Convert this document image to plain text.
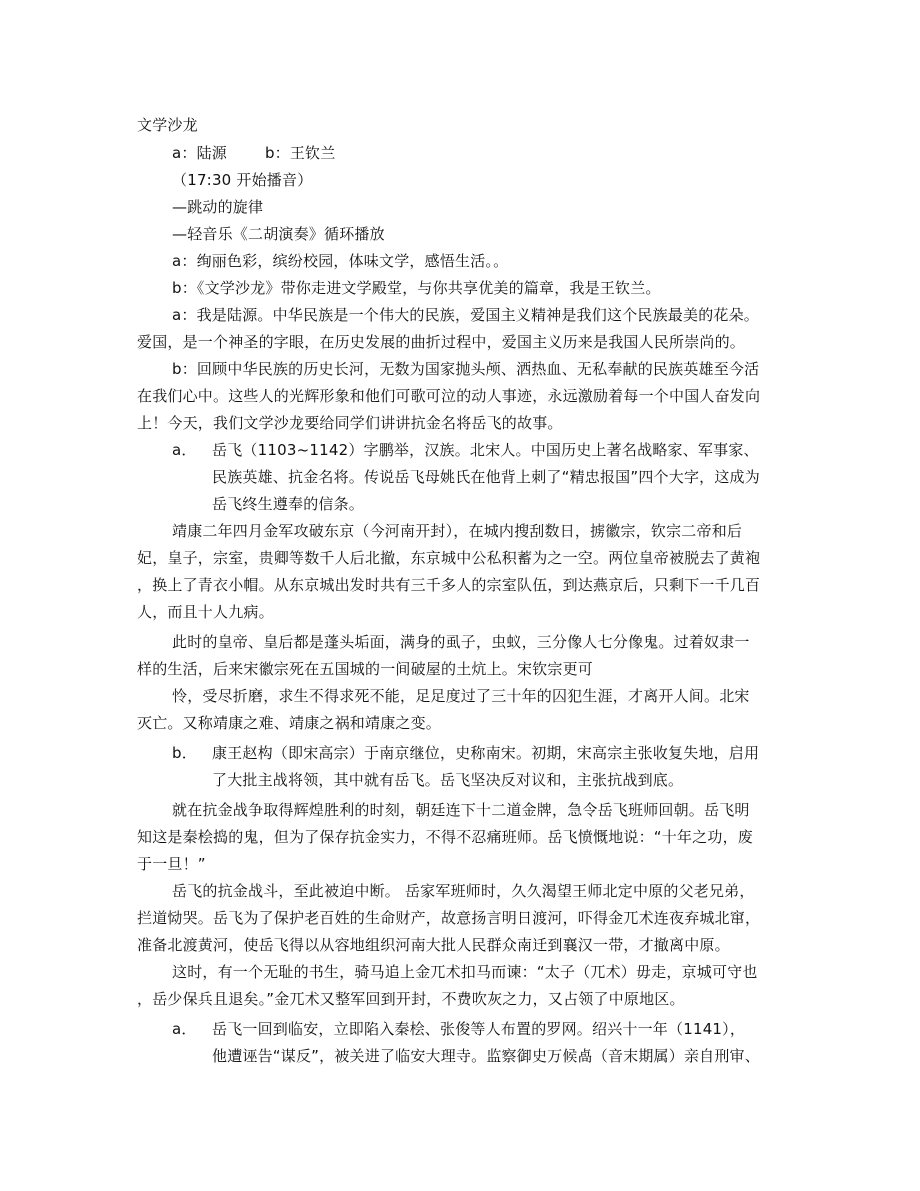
文学沙龙
a：陆源	b：王钦兰
（17:30 开始播音）
—跳动的旋律
—轻音乐《二胡演奏》循环播放
a：绚丽色彩，缤纷校园，体味文学，感悟生活。。
b：《文学沙龙》带你走进文学殿堂，与你共享优美的篇章，我是王钦兰。
a：我是陆源。中华民族是一个伟大的民族，爱国主义精神是我们这个民族最美的花朵。
爱国，是一个神圣的字眼，在历史发展的曲折过程中，爱国主义历来是我国人民所崇尚的。
b：回顾中华民族的历史长河，无数为国家抛头颅、洒热血、无私奉献的民族英雄至今活
在我们心中。这些人的光辉形象和他们可歌可泣的动人事迹，永远激励着每一个中国人奋发向
上！今天，我们文学沙龙要给同学们讲讲抗金名将岳飞的故事。
a． 岳飞（1103~1142）字鹏举，汉族。北宋人。中国历史上著名战略家、军事家、
民族英雄、抗金名将。传说岳飞母姚氏在他背上刺了“精忠报国”四个大字，这成为
岳飞终生遵奉的信条。
靖康二年四月金军攻破东京（今河南开封），在城内搜刮数日，掳徽宗，钦宗二帝和后
妃，皇子，宗室，贵卿等数千人后北撤，东京城中公私积蓄为之一空。两位皇帝被脱去了黄袍
，换上了青衣小帽。从东京城出发时共有三千多人的宗室队伍，到达燕京后，只剩下一千几百
人，而且十人九病。
此时的皇帝、皇后都是蓬头垢面，满身的虱子，虫蚁，三分像人七分像鬼。过着奴隶一
样的生活，后来宋徽宗死在五国城的一间破屋的土炕上。宋钦宗更可
怜，受尽折磨，求生不得求死不能，足足度过了三十年的囚犯生涯，才离开人间。北宋
灭亡。又称靖康之难、靖康之祸和靖康之变。
b． 康王赵构（即宋高宗）于南京继位，史称南宋。初期，宋高宗主张收复失地，启用
了大批主战将领，其中就有岳飞。岳飞坚决反对议和，主张抗战到底。
就在抗金战争取得辉煌胜利的时刻，朝廷连下十二道金牌，急令岳飞班师回朝。岳飞明
知这是秦桧捣的鬼，但为了保存抗金实力，不得不忍痛班师。岳飞愤慨地说：“十年之功，废
于一旦！”
岳飞的抗金战斗，至此被迫中断。 岳家军班师时，久久渴望王师北定中原的父老兄弟，
拦道恸哭。岳飞为了保护老百姓的生命财产，故意扬言明日渡河，吓得金兀术连夜弃城北窜，
准备北渡黄河，使岳飞得以从容地组织河南大批人民群众南迁到襄汉一带，才撤离中原。
这时，有一个无耻的书生，骑马追上金兀术扣马而谏：“太子（兀术）毋走，京城可守也
，岳少保兵且退矣。”金兀术又整军回到开封，不费吹灰之力，又占领了中原地区。
a． 岳飞一回到临安，立即陷入秦桧、张俊等人布置的罗网。绍兴十一年（1141），
他遭诬告“谋反”，被关进了临安大理寺。监察御史万候卨（音末期属）亲自刑审、
